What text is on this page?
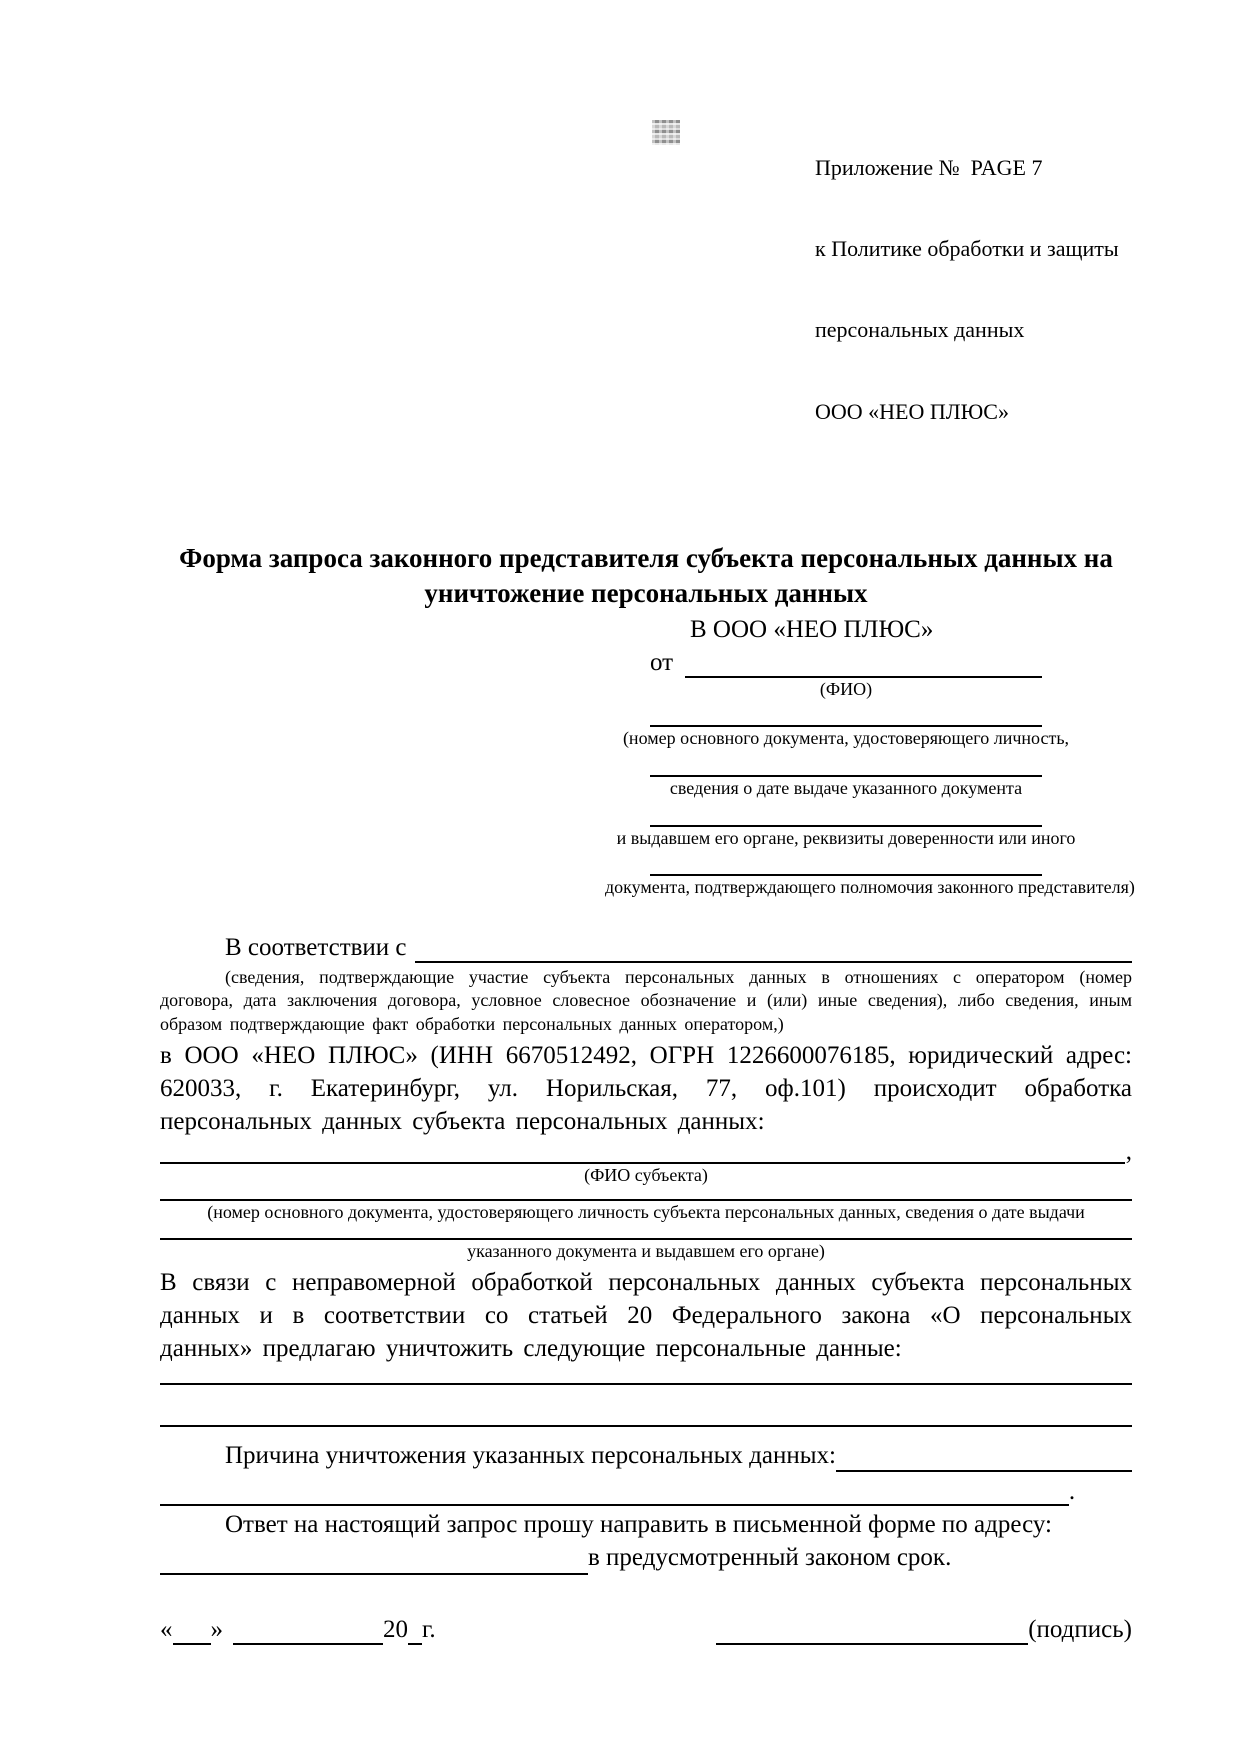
Приложение №  PAGE 7

к Политике обработки и защиты

персональных данных

ООО «НЕО ПЛЮС»

Форма запроса законного представителя субъекта персональных данных на уничтожение персональных данных
В ООО «НЕО ПЛЮС»
от
(ФИО)
(номер основного документа, удостоверяющего личность,
сведения о дате выдаче указанного документа
и выдавшем его органе, реквизиты доверенности или иного
документа, подтверждающего полномочия законного представителя)
В соответствии с
(сведения, подтверждающие участие субъекта персональных данных в отношениях с оператором (номер договора, дата заключения договора, условное словесное обозначение и (или) иные сведения), либо сведения, иным образом подтверждающие факт обработки персональных данных оператором,)
в ООО «НЕО ПЛЮС» (ИНН 6670512492, ОГРН 1226600076185, юридический адрес: 620033, г. Екатеринбург, ул. Норильская, 77, оф.101) происходит обработка персональных данных субъекта персональных данных:
,
(ФИО субъекта)
(номер основного документа, удостоверяющего личность субъекта персональных данных, сведения о дате выдачи
указанного документа и выдавшем его органе)
В связи с неправомерной обработкой персональных данных субъекта персональных данных и в соответствии со статьей 20 Федерального закона «О персональных данных» предлагаю уничтожить следующие персональные данные:
Причина уничтожения указанных персональных данных:
.
Ответ на настоящий запрос прошу направить в письменной форме по адресу:
в предусмотренный законом срок.
« »	20 г.	(подпись)
